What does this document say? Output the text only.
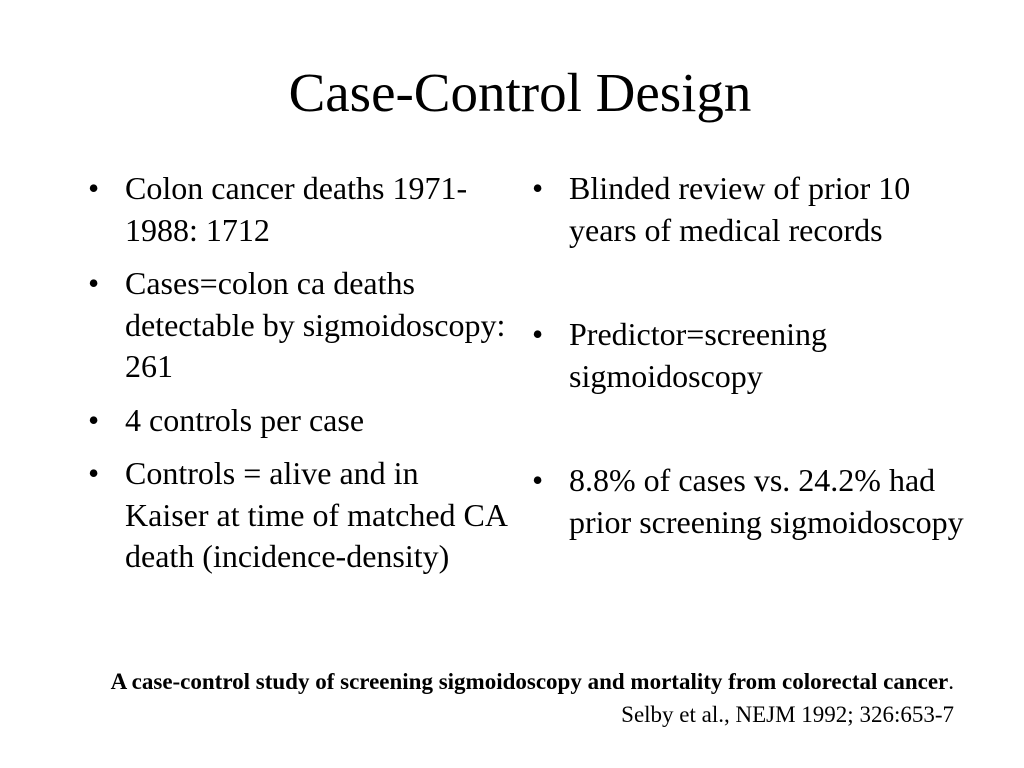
Case-Control Design
• Colon cancer deaths 1971-1988: 1712
• Cases=colon ca deaths detectable by sigmoidoscopy: 261
• 4 controls per case
• Controls = alive and in Kaiser at time of matched CA death (incidence-density)
• Blinded review of prior 10 years of medical records
• Predictor=screening sigmoidoscopy
• 8.8% of cases vs. 24.2% had prior screening sigmoidoscopy
A case-control study of screening sigmoidoscopy and mortality from colorectal cancer. Selby et al., NEJM 1992; 326:653-7
